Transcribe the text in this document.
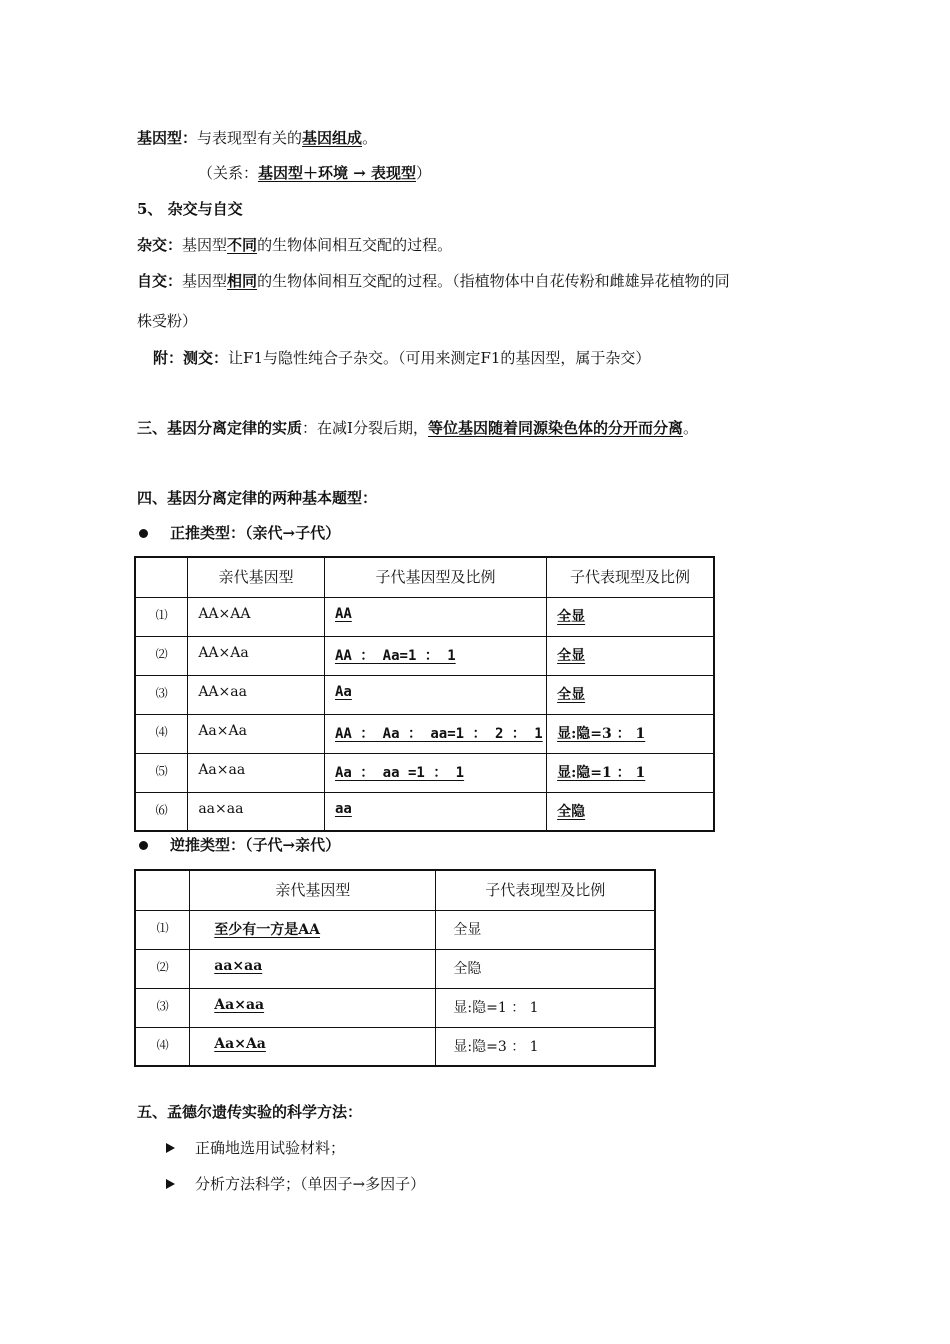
基因型：与表现型有关的基因组成。
（关系：基因型＋环境 → 表现型）
5、 杂交与自交
杂交：基因型不同的生物体间相互交配的过程。
自交：基因型相同的生物体间相互交配的过程。（指植物体中自花传粉和雌雄异花植物的同
株受粉）
附：测交：让F1与隐性纯合子杂交。（可用来测定F1的基因型，属于杂交）
三、基因分离定律的实质：在减Ⅰ分裂后期，等位基因随着同源染色体的分开而分离。
四、基因分离定律的两种基本题型：
正推类型：（亲代→子代）
	亲代基因型	子代基因型及比例	子代表现型及比例
⑴	AA×AA	AA	全显
⑵	AA×Aa	AA ： Aa=1 ： 1	全显
⑶	AA×aa	Aa	全显
⑷	Aa×Aa	AA ： Aa ： aa=1 ： 2 ： 1	显:隐=3 ： 1
⑸	Aa×aa	Aa ： aa =1 ： 1	显:隐=1 ： 1
⑹	aa×aa	aa	全隐
逆推类型：（子代→亲代）
	亲代基因型	子代表现型及比例
⑴	至少有一方是AA	全显
⑵	aa×aa	全隐
⑶	Aa×aa	显:隐=1 ： 1
⑷	Aa×Aa	显:隐=3 ： 1
五、孟德尔遗传实验的科学方法：
正确地选用试验材料；
分析方法科学；（单因子→多因子）
